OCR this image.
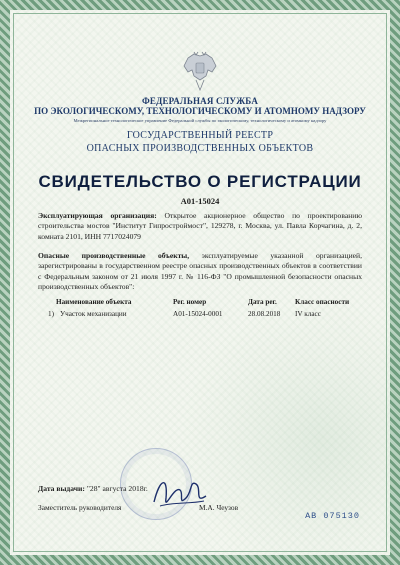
ФЕДЕРАЛЬНАЯ СЛУЖБА
ПО ЭКОЛОГИЧЕСКОМУ, ТЕХНОЛОГИЧЕСКОМУ И АТОМНОМУ НАДЗОРУ
Межрегиональное технологическое управление Федеральной службы по экологическому, технологическому и атомному надзору
ГОСУДАРСТВЕННЫЙ РЕЕСТР
ОПАСНЫХ ПРОИЗВОДСТВЕННЫХ ОБЪЕКТОВ
СВИДЕТЕЛЬСТВО О РЕГИСТРАЦИИ
А01-15024
Эксплуатирующая организация: Открытое акционерное общество по проектированию строительства мостов "Институт Гипростроймост", 129278, г. Москва, ул. Павла Корчагина, д. 2, комната 2101, ИНН 7717024079
Опасные производственные объекты, эксплуатируемые указанной организацией, зарегистрированы в государственном реестре опасных производственных объектов в соответствии с Федеральным законом от 21 июля 1997 г. № 116-ФЗ "О промышленной безопасности опасных производственных объектов":
Наименование объекта	Рег. номер	Дата рег.	Класс опасности
1) Участок механизации	А01-15024-0001	28.08.2018 IV класс
Дата выдачи: "28" августа 2018г.
Заместитель руководителя	М.А. Чеузов
АВ 075130
